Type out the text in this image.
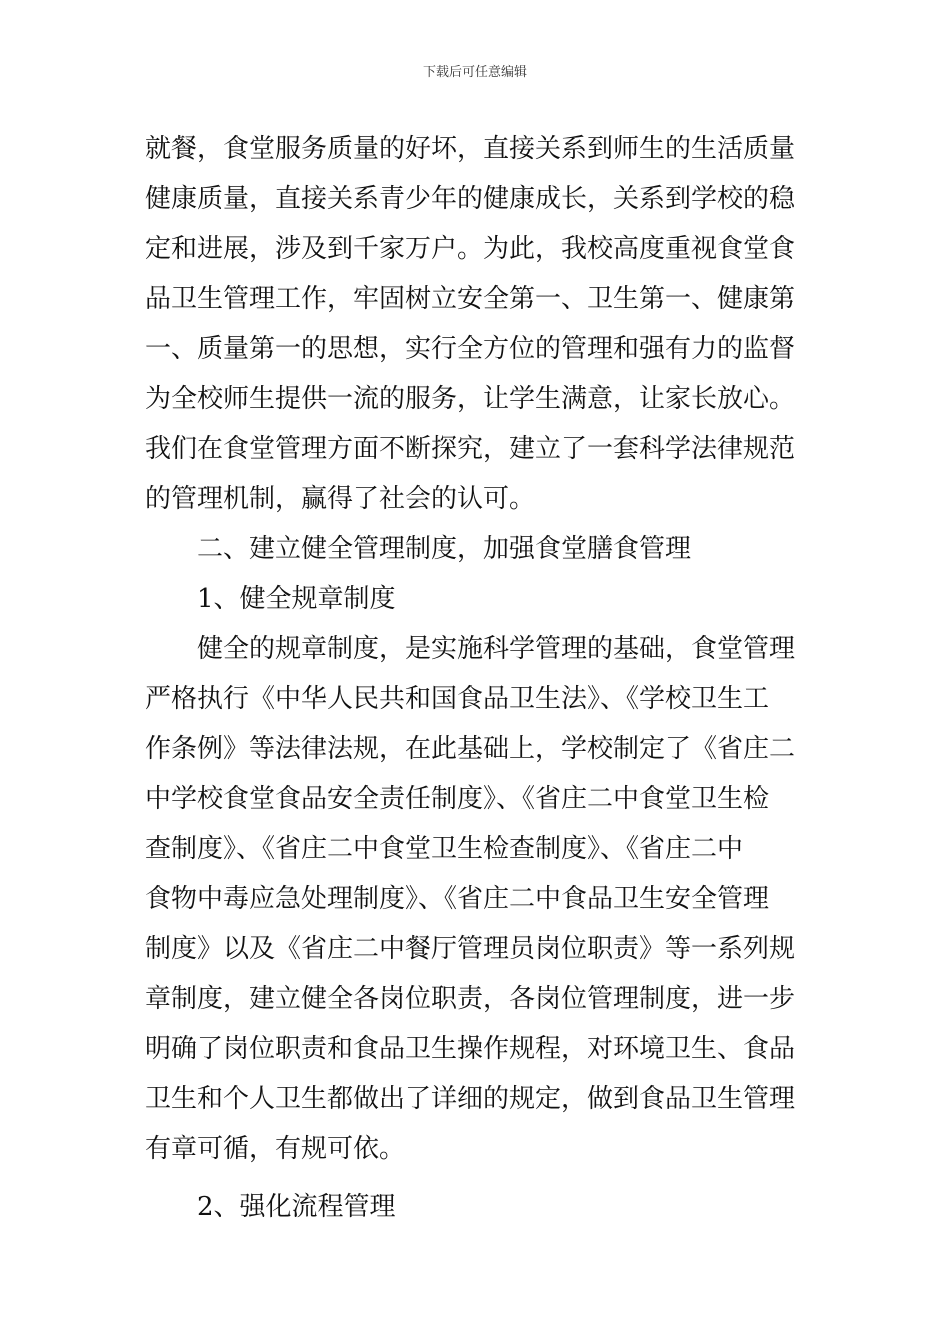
下载后可任意编辑
就餐，食堂服务质量的好坏，直接关系到师生的生活质量
健康质量，直接关系青少年的健康成长，关系到学校的稳
定和进展，涉及到千家万户。为此，我校高度重视食堂食
品卫生管理工作，牢固树立安全第一、卫生第一、健康第
一、质量第一的思想，实行全方位的管理和强有力的监督
为全校师生提供一流的服务，让学生满意，让家长放心。
我们在食堂管理方面不断探究，建立了一套科学法律规范
的管理机制，赢得了社会的认可。
二、建立健全管理制度，加强食堂膳食管理
1、健全规章制度
健全的规章制度，是实施科学管理的基础，食堂管理
严格执行《中华人民共和国食品卫生法》、《学校卫生工
作条例》等法律法规，在此基础上，学校制定了《省庄二
中学校食堂食品安全责任制度》、《省庄二中食堂卫生检
查制度》、《省庄二中食堂卫生检查制度》、《省庄二中
食物中毒应急处理制度》、《省庄二中食品卫生安全管理
制度》以及《省庄二中餐厅管理员岗位职责》等一系列规
章制度，建立健全各岗位职责，各岗位管理制度，进一步
明确了岗位职责和食品卫生操作规程，对环境卫生、食品
卫生和个人卫生都做出了详细的规定，做到食品卫生管理
有章可循，有规可依。
2、强化流程管理
